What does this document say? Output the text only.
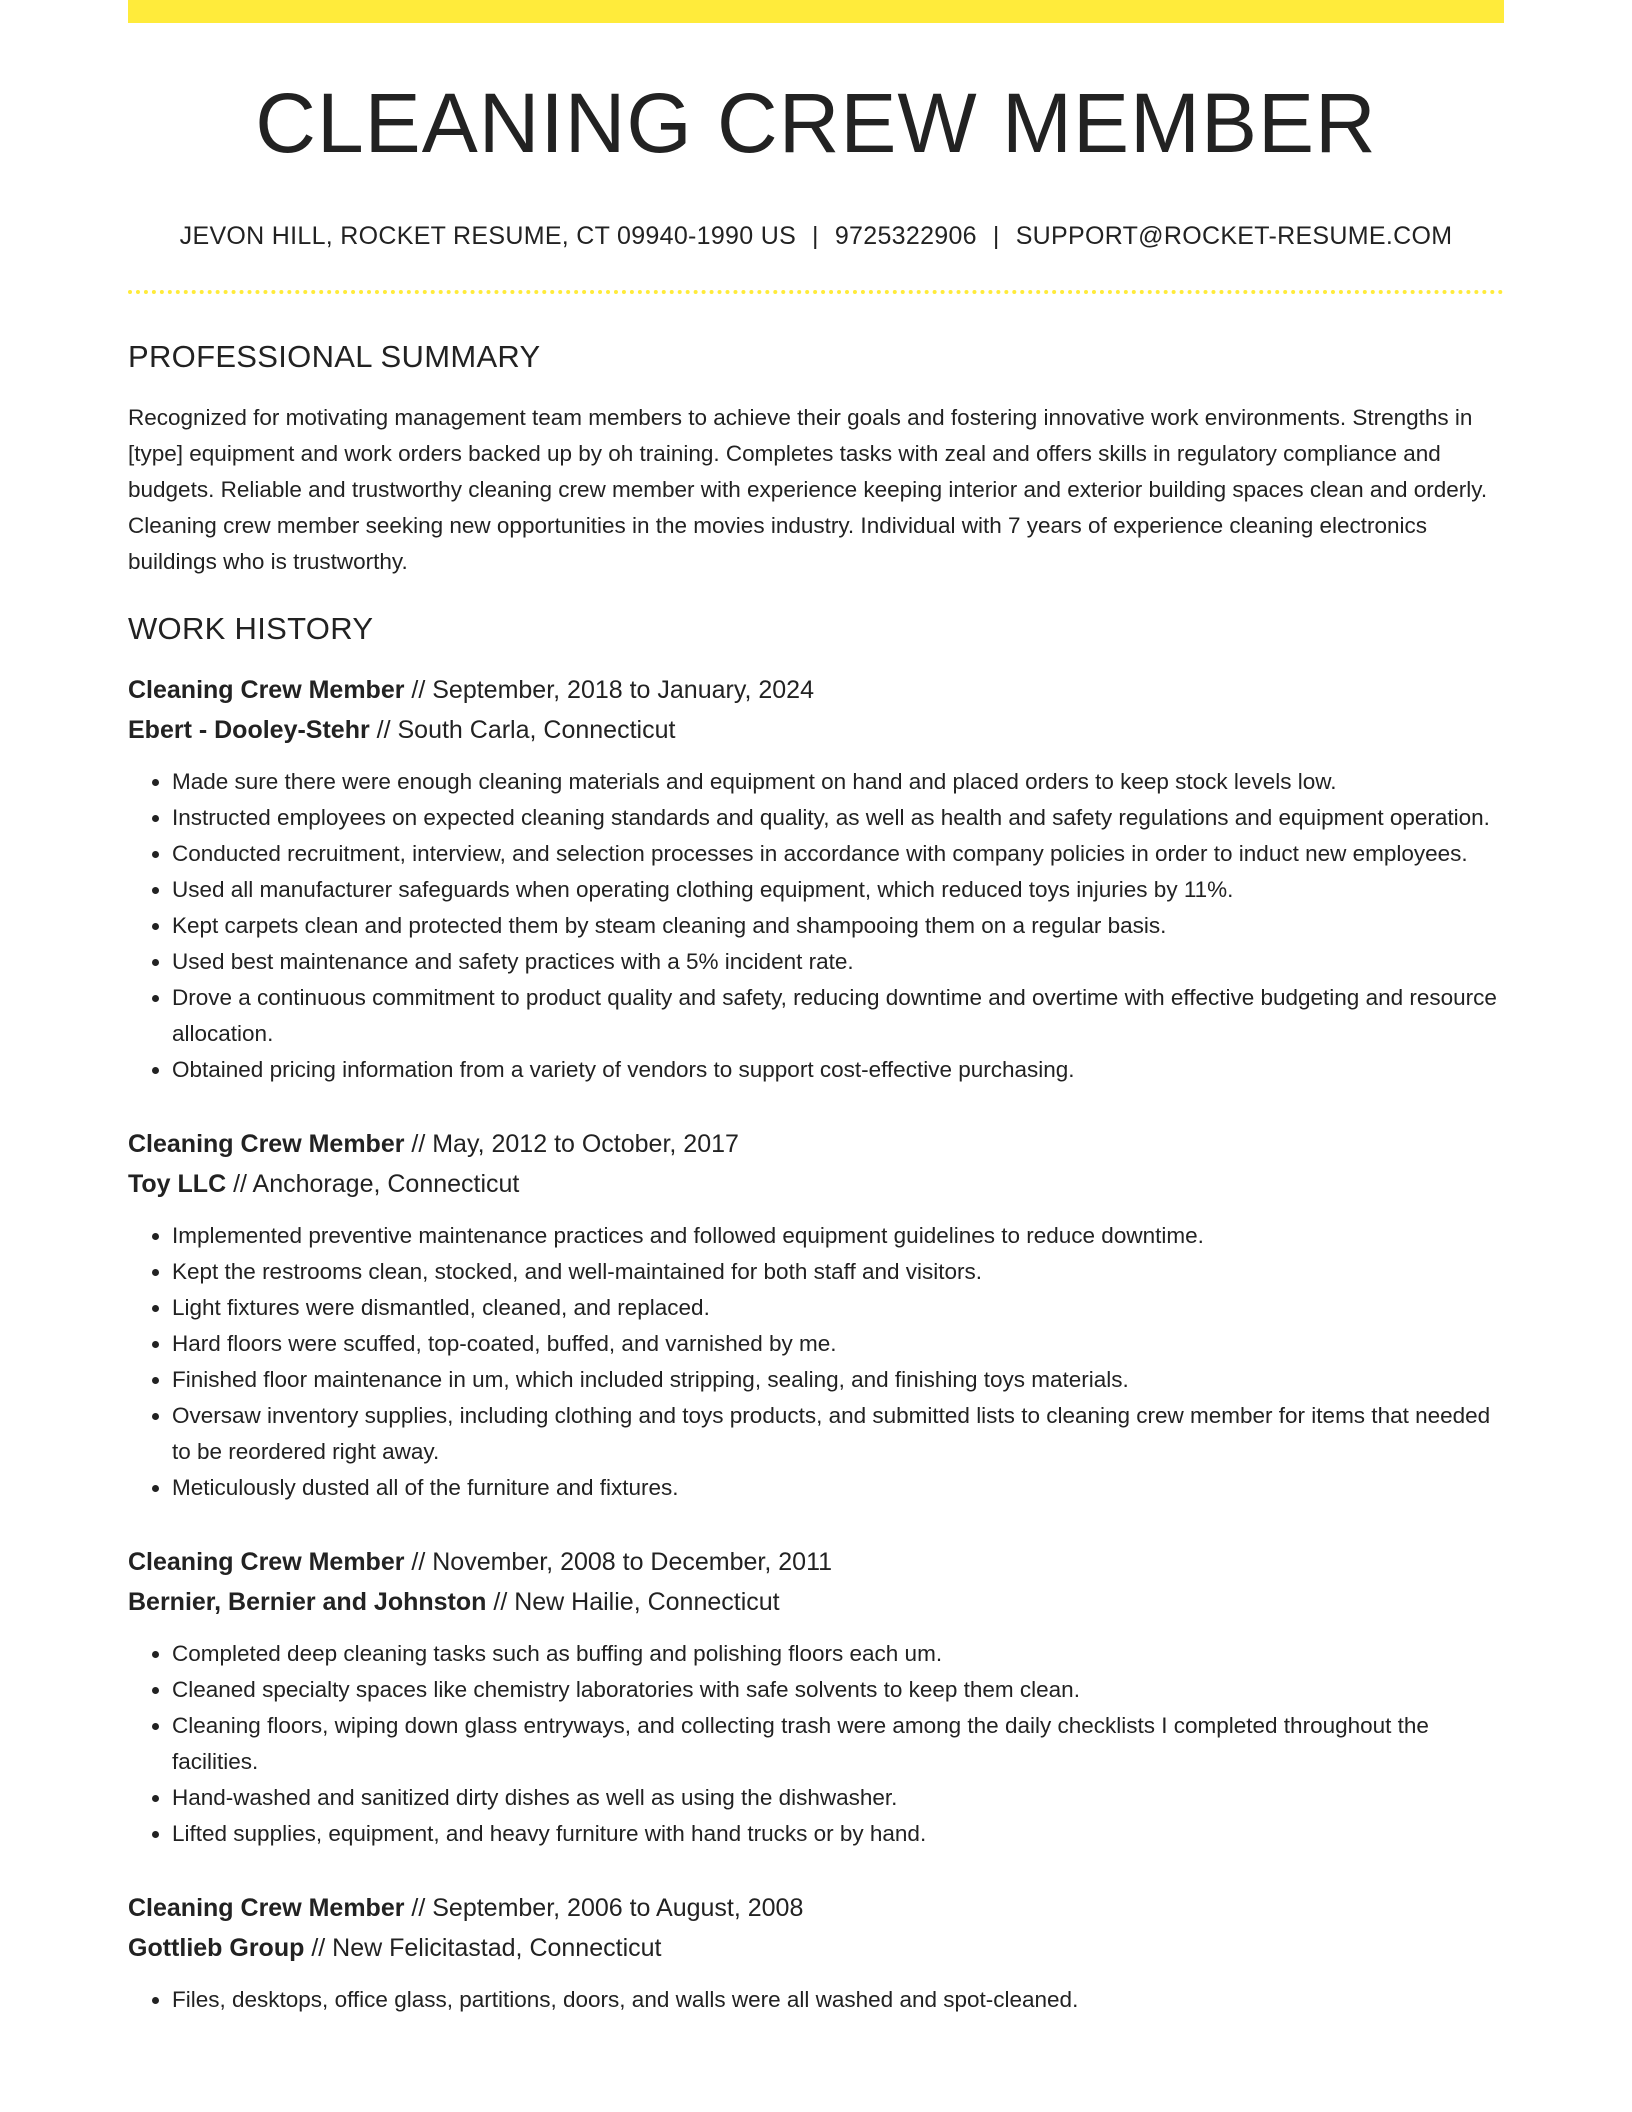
CLEANING CREW MEMBER
JEVON HILL, ROCKET RESUME, CT 09940-1990 US | 9725322906 | SUPPORT@ROCKET-RESUME.COM
PROFESSIONAL SUMMARY
Recognized for motivating management team members to achieve their goals and fostering innovative work environments. Strengths in [type] equipment and work orders backed up by oh training. Completes tasks with zeal and offers skills in regulatory compliance and budgets. Reliable and trustworthy cleaning crew member with experience keeping interior and exterior building spaces clean and orderly. Cleaning crew member seeking new opportunities in the movies industry. Individual with 7 years of experience cleaning electronics buildings who is trustworthy.
WORK HISTORY
Cleaning Crew Member // September, 2018 to January, 2024
Ebert - Dooley-Stehr // South Carla, Connecticut
• Made sure there were enough cleaning materials and equipment on hand and placed orders to keep stock levels low.
• Instructed employees on expected cleaning standards and quality, as well as health and safety regulations and equipment operation.
• Conducted recruitment, interview, and selection processes in accordance with company policies in order to induct new employees.
• Used all manufacturer safeguards when operating clothing equipment, which reduced toys injuries by 11%.
• Kept carpets clean and protected them by steam cleaning and shampooing them on a regular basis.
• Used best maintenance and safety practices with a 5% incident rate.
• Drove a continuous commitment to product quality and safety, reducing downtime and overtime with effective budgeting and resource allocation.
• Obtained pricing information from a variety of vendors to support cost-effective purchasing.
Cleaning Crew Member // May, 2012 to October, 2017
Toy LLC // Anchorage, Connecticut
• Implemented preventive maintenance practices and followed equipment guidelines to reduce downtime.
• Kept the restrooms clean, stocked, and well-maintained for both staff and visitors.
• Light fixtures were dismantled, cleaned, and replaced.
• Hard floors were scuffed, top-coated, buffed, and varnished by me.
• Finished floor maintenance in um, which included stripping, sealing, and finishing toys materials.
• Oversaw inventory supplies, including clothing and toys products, and submitted lists to cleaning crew member for items that needed to be reordered right away.
• Meticulously dusted all of the furniture and fixtures.
Cleaning Crew Member // November, 2008 to December, 2011
Bernier, Bernier and Johnston // New Hailie, Connecticut
• Completed deep cleaning tasks such as buffing and polishing floors each um.
• Cleaned specialty spaces like chemistry laboratories with safe solvents to keep them clean.
• Cleaning floors, wiping down glass entryways, and collecting trash were among the daily checklists I completed throughout the facilities.
• Hand-washed and sanitized dirty dishes as well as using the dishwasher.
• Lifted supplies, equipment, and heavy furniture with hand trucks or by hand.
Cleaning Crew Member // September, 2006 to August, 2008
Gottlieb Group // New Felicitastad, Connecticut
• Files, desktops, office glass, partitions, doors, and walls were all washed and spot-cleaned.
